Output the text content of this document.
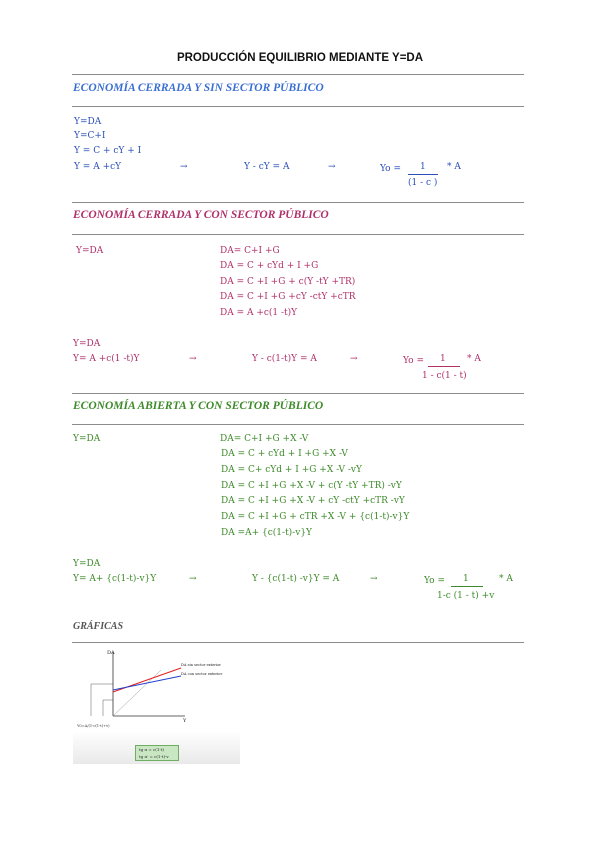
PRODUCCIÓN EQUILIBRIO MEDIANTE Y=DA
ECONOMÍA CERRADA Y SIN SECTOR PÚBLICO
Y=DA
Y=C+I
Y = C + cY + I
Y = A +cY	→	Y - cY = A	→	Yo = 1 * A
(1 - c )
ECONOMÍA CERRADA Y CON SECTOR PÚBLICO
Y=DA	DA= C+I +G
DA = C + cYd + I +G
DA = C +I +G + c(Y -tY +TR)
DA = C +I +G +cY -ctY +cTR
DA = A +c(1 -t)Y
Y=DA
Y= A +c(1 -t)Y	→	Y - c(1-t)Y = A	→	Yo = 1 * A
1 - c(1 - t)
ECONOMÍA ABIERTA Y CON SECTOR PÚBLICO
Y=DA	DA= C+I +G +X -V
DA = C + cYd + I +G +X -V
DA = C+ cYd + I +G +X -V -vY
DA = C +I +G +X -V + c(Y -tY +TR) -vY
DA = C +I +G +X -V + cY -ctY +cTR -vY
DA = C +I +G + cTR +X -V + {c(1-t)-v}Y
DA =A+ {c(1-t)-v}Y
Y=DA
Y= A+ {c(1-t)-v}Y	→	Y - {c(1-t) -v}Y = A	→	Yo = 1	* A
1-c (1 - t) +v
GRÁFICAS
DA
Y
DA sin sector exterior
DA con sector exterior
Y0=A/(1-c(1-t)+v)
tg α = c(1-t)
tg α' = c(1-t)-v
